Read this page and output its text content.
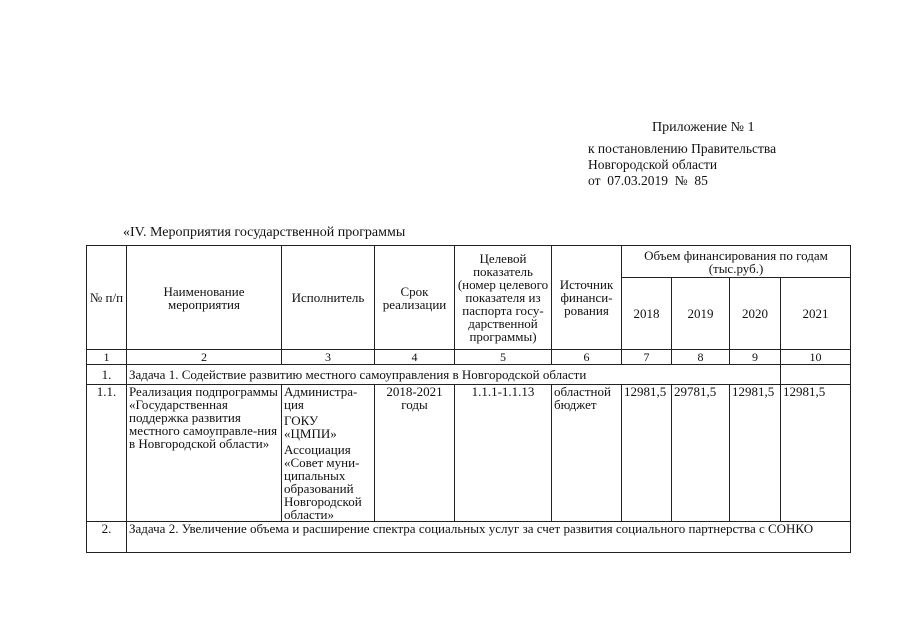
Приложение № 1
к постановлению Правительства
Новгородской области
от  07.03.2019  №  85
«IV. Мероприятия государственной программы
№ п/п	Наименование мероприятия	Исполнитель	Срок реализации	Целевой показатель (номер целевого показателя из паспорта госу-дарственной программы)	Источник финанси-рования	Объем финансирования по годам (тыс.руб.)			
						2018	2019	2020	2021
1	2	3	4	5	6	7	8	9	10
1.	Задача 1. Содействие развитию местного самоуправления в Новгородской области								
1.1.	Реализация подпрограммы «Государственная поддержка развития местного самоуправле-ния в Новгородской области»	Администра-ция
ГОКУ «ЦМПИ»
Ассоциация «Совет муни-ципальных образований Новгородской области»	2018-2021 годы	1.1.1-1.1.13	областной бюджет	12981,5	29781,5	12981,5	12981,5
2.	Задача 2. Увеличение объема и расширение спектра социальных услуг за счет развития социального партнерства с СОНКО								
